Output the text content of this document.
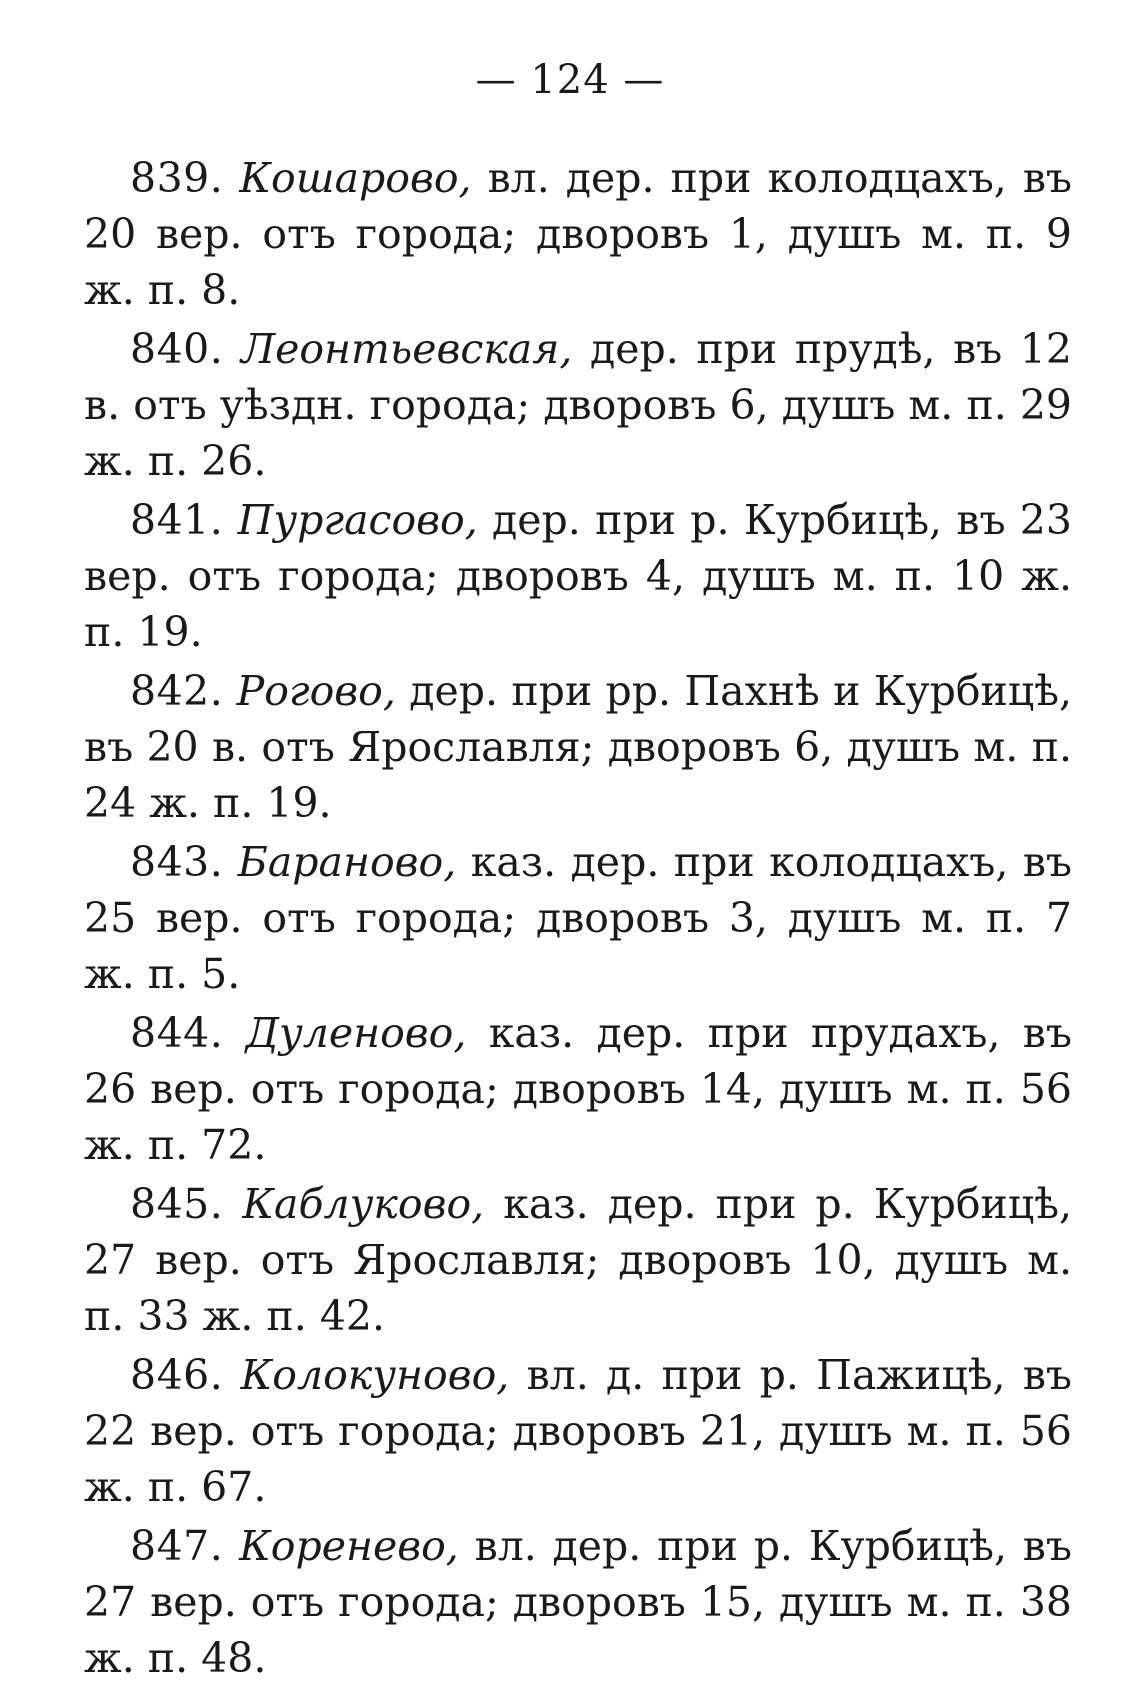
— 124 —

839. Кошарово, вл. дер. при колодцахъ, въ 20 вер. отъ города; дворовъ 1, душъ м. п. 9 ж. п. 8.

840. Леонтьевская, дер. при прудѣ, въ 12 в. отъ уѣздн. города; дворовъ 6, душъ м. п. 29 ж. п. 26.

841. Пургасово, дер. при р. Курбицѣ, въ 23 вер. отъ города; дворовъ 4, душъ м. п. 10 ж. п. 19.

842. Рогово, дер. при рр. Пахнѣ и Курбицѣ, въ 20 в. отъ Ярославля; дворовъ 6, душъ м. п. 24 ж. п. 19.

843. Бараново, каз. дер. при колодцахъ, въ 25 вер. отъ города; дворовъ 3, душъ м. п. 7 ж. п. 5.

844. Дуленово, каз. дер. при прудахъ, въ 26 вер. отъ города; дворовъ 14, душъ м. п. 56 ж. п. 72.

845. Каблуково, каз. дер. при р. Курбицѣ, 27 вер. отъ Ярославля; дворовъ 10, душъ м. п. 33 ж. п. 42.

846. Колокуново, вл. д. при р. Пажицѣ, въ 22 вер. отъ города; дворовъ 21, душъ м. п. 56 ж. п. 67.

847. Коренево, вл. дер. при р. Курбицѣ, въ 27 вер. отъ города; дворовъ 15, душъ м. п. 38 ж. п. 48.
